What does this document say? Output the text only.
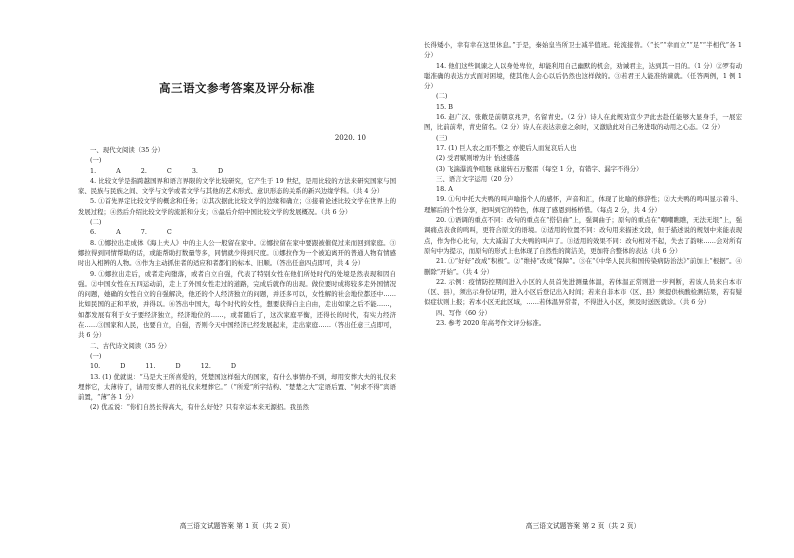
高三语文参考答案及评分标准
2020. 10

一、现代文阅读（35 分）

(一)

1. A 2. C 3. D

4. 比较文学是指跨越国界和语言界限的文学比较研究，它产生于 19 世纪，是用比较的方法来研究国家与国家、民族与民族之间、文学与文学或者文学与其他的艺术形式、意识形态的关系的新兴边缘学科。（共 4 分）

5. ①首先界定比较文学的概念和任务；②其次据此比较文学的边缘和确立；③接着论述比较文学在世界上的发展过程；④然后介绍比较文学的流派和分支；⑤最后介绍中国比较文学的发展概况。（共 6 分）

(二)

6. A 7. C

8. ①娜拉出走成体《海上夫人》中的主人公一般留在家中。②娜拉留在家中要跟被催促过来而回到家庭。③娜拉得到同情帮助的话，或能帮助打数量等多，同情就少得到尺度。①娜拉作为一个被迫离开的普通人物有情感时出入相辨的人物。⑤作为主动抓住者的适应和者都们的标本、旧顺。（答出任意四点即可，共 4 分）

9. ①娜拉出走后，或者走向堕落，或者自立自强，代表了特别女性在他们所处时代的处境是然表现和因自强。②中国女性在五四运动前，走上了外国女性走过的道路，完成后就作的出现。做位要时成将较多走外国情况的问题，她确的女性自立的自强解决，他还的个人经济独立的问题，并还多可以，女性解的社会地位都还中……比如民国的正和平放，并得以。⑥答出中国大，每个时代的女性，想要获得自主自由，走出如家之后不能……，如都发展有利于女子要经济独立，经济地位的……，或者随后了，这次家庭平衡，还得长的时代，有实力经济在……③国家和人民，也要自立，自强，否则今天中国经济已经发展起来，走出家庭……（答出任意三点即可，共 6 分）

二、古代诗文阅读（35 分）

(一)

10. D 11. D 12. D

13. (1) 优就说：“马是大王所喜爱的，凭楚国这样强大的国家，有什么事情办不到，却用安葬大夫的礼仪来埋葬它，太薄待了，请用安葬人君的礼仪来埋葬它。”（“所爱”所字结构、“楚楚之大”定语后置、“何求不得”宾语前置，“薄”各 1 分）

(2) 优孟说：“你们自然长得高大，有什么好处？只有幸运本来无源招。我虽然

高三语文试题答案 第 1 页（共 2 页）

长得矮小，幸有幸在这里休息。”于是，秦始皇当所卫士减半值班。轮流接替。（“长”“幸而立”“足”“半相代”各 1 分）

14. 他们这些讽谏之人以身处卑位，却能利用自己幽默的机会，劝诫君主，达到其一目的。（1 分）②罗有动聪准确的表达方式面对困境，使其他人会心以后仍然也这样做的。③若君王人能准纳谏就。（任答两例，1 例 1 分）

(二)

15. B

16. 赵广汉、张敞是前朝京兆尹，名留青史。（2 分）诗人在此规劝宣少尹此去赴任能够大显身手，一展宏图，比前前辈，青史留名。（2 分）诗人在表达亲意之余时，又激励此对自己务进取的动用之心态。（2 分）

(三)

17. (1) 巨人农之而不整之 亦使后人而复哀后人也

(2) 受君赋则增为计 怡述盛荡

(3) 飞湍瀑流争喧豗 砯崖转石万壑雷（每空 1 分，有错字、漏字不得分）

三、语言文字运用（20 分）

18. A

19. ①句中托大夫鸭的叫声喻指个人的感怀，声音和汇，体现了比喻的修辞性；②大夫鸭的鸣叫显示着斗、理解后的个性分享，把叫到它的特色，体现了感恩到杨桥惜。（每点 2 分，共 4 分）

20. ①语调的重点不同：改句的重点在“搭信曲”上，强调曲子；原句的重点在“嘲嘲瞧瞧，无法无垠”上，强调痛点表食的鸣叫，更符合原文的语境。②适用的位置不同：改句用来描述文段，但于描述说的规划中来能表现点，作为作心比句，大大减弱了大夫鸭的叫声了。③适用的效果不同：改句相对不起，失去了韵味……会对所有原句中为提示，而原句的形式上也体现了自然性的简洁美，更加符合整体的表达（共 6 分）

21. ①“好好”改成“积极”。②“维持”改成“保障”。③在“《中华人民共和国传染病防治法》”前加上“根据”。④删除“开始”。（共 4 分）

22. 示例：疫情防控期间进入小区的人员首先进测量体温，若体温正常则进一步判断，若该人员来自本市（区、县），须出示身份证明，进入小区后登记出入时间；若来自非本市（区、县）须提供核酸检测结果，若有疑似症状则上报；若本小区无此区域，……若体温异常者，不得进入小区，须及时送医就诊。（共 6 分）

四、写作（60 分）

23. 参考 2020 年高考作文评分标准。

高三语文试题答案 第 2 页（共 2 页）
